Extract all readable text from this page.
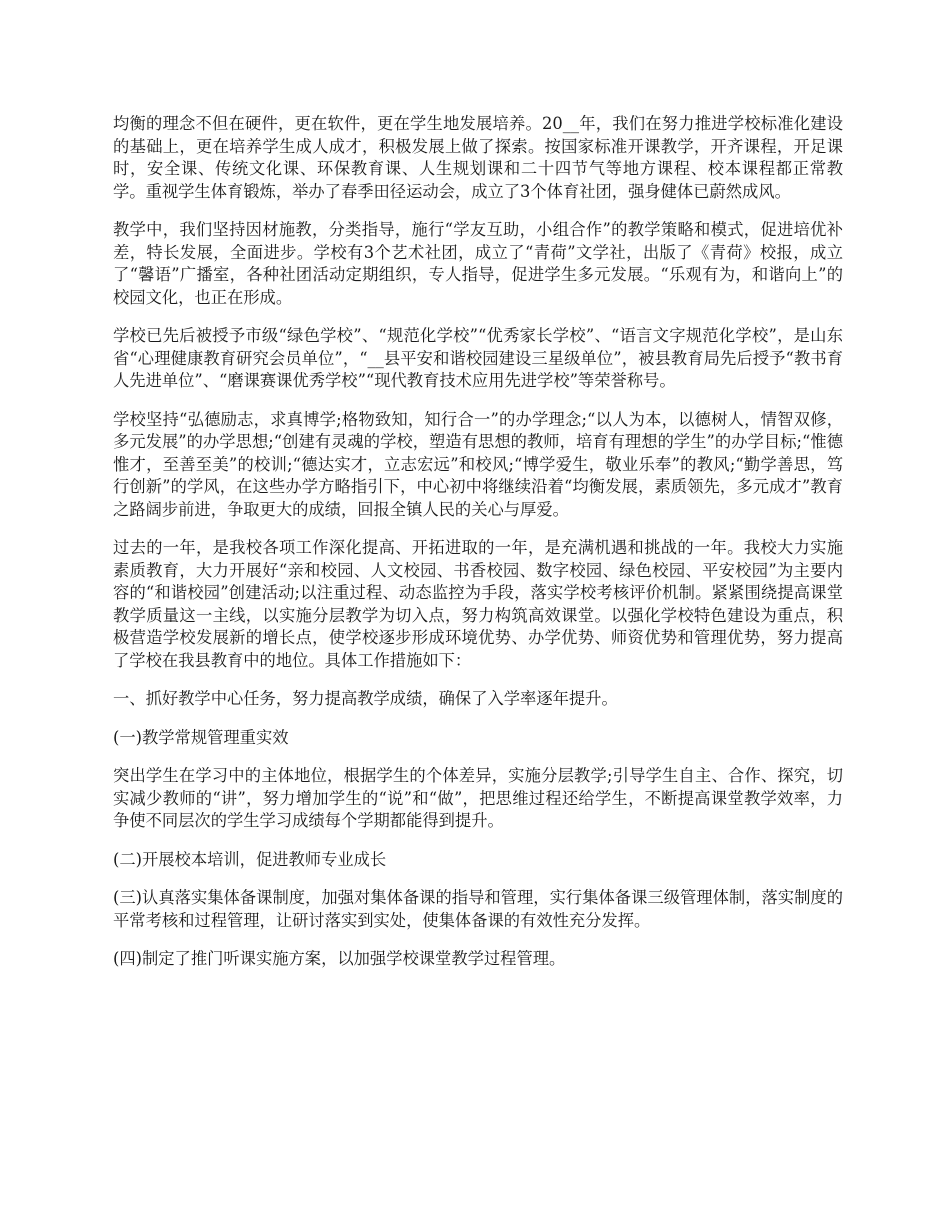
均衡的理念不但在硬件，更在软件，更在学生地发展培养。20__年，我们在努力推进学校标准化建设的基础上，更在培养学生成人成才，积极发展上做了探索。按国家标准开课教学，开齐课程，开足课时，安全课、传统文化课、环保教育课、人生规划课和二十四节气等地方课程、校本课程都正常教学。重视学生体育锻炼，举办了春季田径运动会，成立了3个体育社团，强身健体已蔚然成风。

教学中，我们坚持因材施教，分类指导，施行“学友互助，小组合作”的教学策略和模式，促进培优补差，特长发展，全面进步。学校有3个艺术社团，成立了“青荷”文学社，出版了《青荷》校报，成立了“馨语”广播室，各种社团活动定期组织，专人指导，促进学生多元发展。“乐观有为，和谐向上”的校园文化，也正在形成。

学校已先后被授予市级“绿色学校”、“规范化学校”“优秀家长学校”、“语言文字规范化学校”，是山东省“心理健康教育研究会员单位”，“__县平安和谐校园建设三星级单位”，被县教育局先后授予“教书育人先进单位”、“磨课赛课优秀学校”“现代教育技术应用先进学校”等荣誉称号。

学校坚持“弘德励志，求真博学;格物致知，知行合一”的办学理念;“以人为本，以德树人，情智双修，多元发展”的办学思想;“创建有灵魂的学校，塑造有思想的教师，培育有理想的学生”的办学目标;“惟德惟才，至善至美”的校训;“德达实才，立志宏远”和校风;“博学爱生，敬业乐奉”的教风;“勤学善思，笃行创新”的学风，在这些办学方略指引下，中心初中将继续沿着“均衡发展，素质领先，多元成才”教育之路阔步前进，争取更大的成绩，回报全镇人民的关心与厚爱。

过去的一年，是我校各项工作深化提高、开拓进取的一年，是充满机遇和挑战的一年。我校大力实施素质教育，大力开展好“亲和校园、人文校园、书香校园、数字校园、绿色校园、平安校园”为主要内容的“和谐校园”创建活动;以注重过程、动态监控为手段，落实学校考核评价机制。紧紧围绕提高课堂教学质量这一主线，以实施分层教学为切入点，努力构筑高效课堂。以强化学校特色建设为重点，积极营造学校发展新的增长点，使学校逐步形成环境优势、办学优势、师资优势和管理优势，努力提高了学校在我县教育中的地位。具体工作措施如下：

一、抓好教学中心任务，努力提高教学成绩，确保了入学率逐年提升。

(一)教学常规管理重实效

突出学生在学习中的主体地位，根据学生的个体差异，实施分层教学;引导学生自主、合作、探究，切实减少教师的“讲”，努力增加学生的“说”和“做”，把思维过程还给学生，不断提高课堂教学效率，力争使不同层次的学生学习成绩每个学期都能得到提升。

(二)开展校本培训，促进教师专业成长

(三)认真落实集体备课制度，加强对集体备课的指导和管理，实行集体备课三级管理体制，落实制度的平常考核和过程管理，让研讨落实到实处，使集体备课的有效性充分发挥。

(四)制定了推门听课实施方案，以加强学校课堂教学过程管理。
